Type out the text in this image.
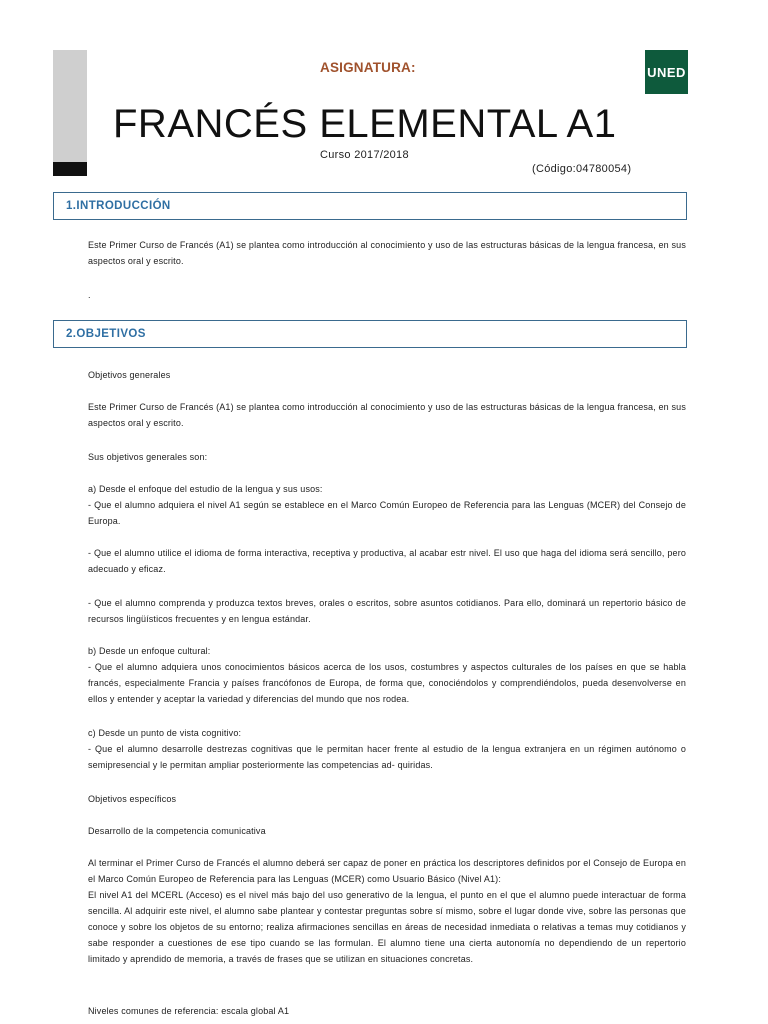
ASIGNATURA:	UNED
FRANCÉS ELEMENTAL A1
Curso 2017/2018
(Código:04780054)
1.INTRODUCCIÓN

Este Primer Curso de Francés (A1) se plantea como introducción al conocimiento y uso de las estructuras básicas de la lengua francesa, en sus aspectos oral y escrito.

.

2.OBJETIVOS

Objetivos generales

Este Primer Curso de Francés (A1) se plantea como introducción al conocimiento y uso de las estructuras básicas de la lengua francesa, en sus aspectos oral y escrito.

Sus objetivos generales son:

a) Desde el enfoque del estudio de la lengua y sus usos:

- Que el alumno adquiera el nivel A1 según se establece en el Marco Común Europeo de Referencia para las Lenguas (MCER) del Consejo de Europa.

- Que el alumno utilice el idioma de forma interactiva, receptiva y productiva, al acabar estr nivel. El uso que haga del idioma será sencillo, pero adecuado y eficaz.

- Que el alumno comprenda y produzca textos breves, orales o escritos, sobre asuntos cotidianos. Para ello, dominará un repertorio básico de recursos lingüísticos frecuentes y en lengua estándar.

b) Desde un enfoque cultural:

- Que el alumno adquiera unos conocimientos básicos acerca de los usos, costumbres y aspectos culturales de los países en que se habla francés, especialmente Francia y países francófonos de Europa, de forma que, conociéndolos y comprendiéndolos, pueda desenvolverse en ellos y entender y aceptar la variedad y diferencias del mundo que nos rodea.

c) Desde un punto de vista cognitivo:

- Que el alumno desarrolle destrezas cognitivas que le permitan hacer frente al estudio de la lengua extranjera en un régimen autónomo o semipresencial y le permitan ampliar posteriormente las competencias ad- quiridas.

Objetivos específicos

Desarrollo de la competencia comunicativa

Al terminar el Primer Curso de Francés el alumno deberá ser capaz de poner en práctica los descriptores definidos por el Consejo de Europa en el Marco Común Europeo de Referencia para las Lenguas (MCER) como Usuario Básico (Nivel A1):

El nivel A1 del MCERL (Acceso) es el nivel más bajo del uso generativo de la lengua, el punto en el que el alumno puede interactuar de forma sencilla. Al adquirir este nivel, el alumno sabe plantear y contestar preguntas sobre sí mismo, sobre el lugar donde vive, sobre las personas que conoce y sobre los objetos de su entorno; realiza afirmaciones sencillas en áreas de necesidad inmediata o relativas a temas muy cotidianos y sabe responder a cuestiones de ese tipo cuando se las formulan. El alumno tiene una cierta autonomía no dependiendo de un repertorio limitado y aprendido de memoria, a través de frases que se utilizan en situaciones concretas.

Niveles comunes de referencia: escala global A1
